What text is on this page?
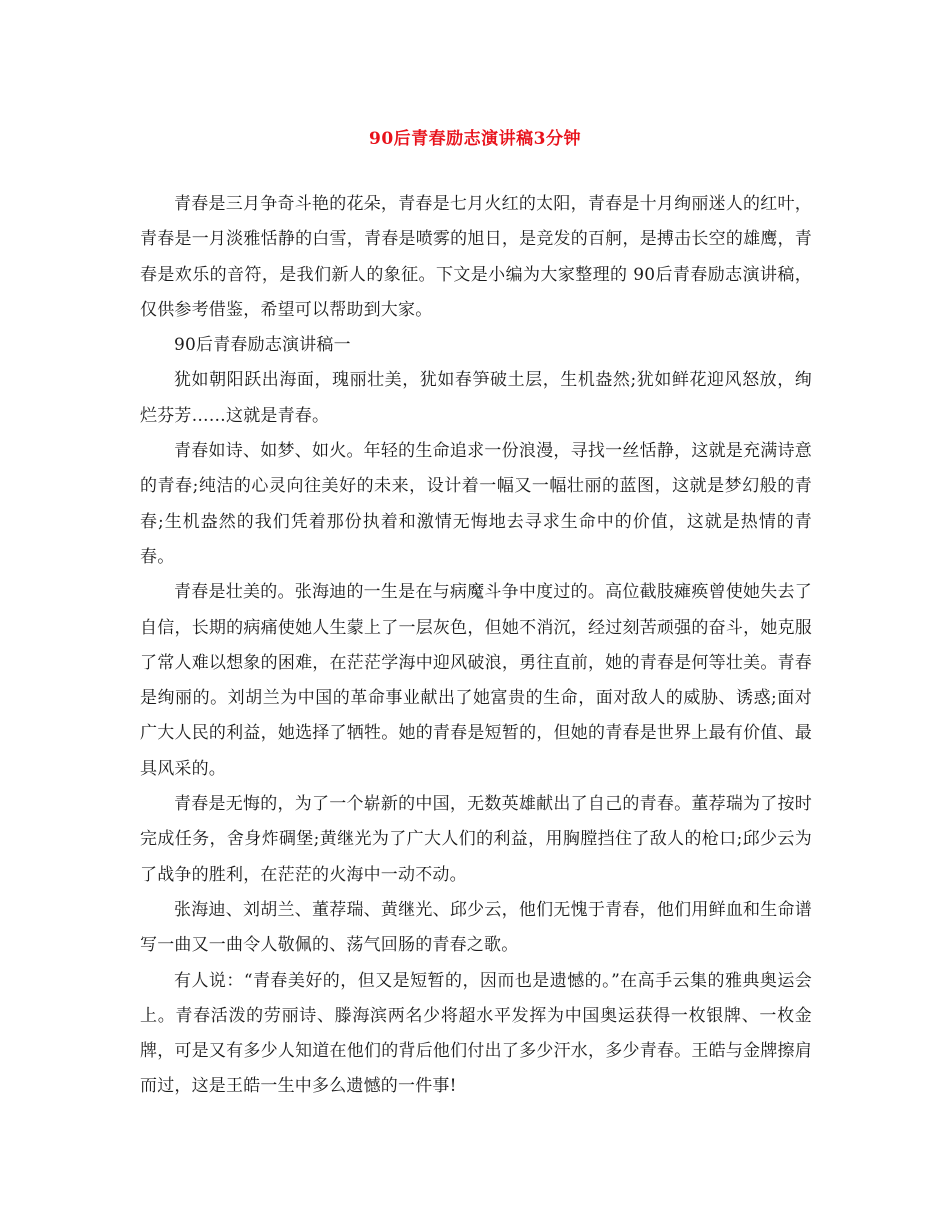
90后青春励志演讲稿3分钟

青春是三月争奇斗艳的花朵，青春是七月火红的太阳，青春是十月绚丽迷人的红叶，青春是一月淡雅恬静的白雪，青春是喷雾的旭日，是竞发的百舸，是搏击长空的雄鹰，青春是欢乐的音符，是我们新人的象征。下文是小编为大家整理的 90后青春励志演讲稿，仅供参考借鉴，希望可以帮助到大家。

90后青春励志演讲稿一

犹如朝阳跃出海面，瑰丽壮美，犹如春笋破土层，生机盎然;犹如鲜花迎风怒放，绚烂芬芳……这就是青春。

青春如诗、如梦、如火。年轻的生命追求一份浪漫，寻找一丝恬静，这就是充满诗意的青春;纯洁的心灵向往美好的未来，设计着一幅又一幅壮丽的蓝图，这就是梦幻般的青春;生机盎然的我们凭着那份执着和激情无悔地去寻求生命中的价值，这就是热情的青春。

青春是壮美的。张海迪的一生是在与病魔斗争中度过的。高位截肢瘫痪曾使她失去了自信，长期的病痛使她人生蒙上了一层灰色，但她不消沉，经过刻苦顽强的奋斗，她克服了常人难以想象的困难，在茫茫学海中迎风破浪，勇往直前，她的青春是何等壮美。青春是绚丽的。刘胡兰为中国的革命事业献出了她富贵的生命，面对敌人的威胁、诱惑;面对广大人民的利益，她选择了牺牲。她的青春是短暂的，但她的青春是世界上最有价值、最具风采的。

青春是无悔的，为了一个崭新的中国，无数英雄献出了自己的青春。董荐瑞为了按时完成任务，舍身炸碉堡;黄继光为了广大人们的利益，用胸膛挡住了敌人的枪口;邱少云为了战争的胜利，在茫茫的火海中一动不动。

张海迪、刘胡兰、董荐瑞、黄继光、邱少云，他们无愧于青春，他们用鲜血和生命谱写一曲又一曲令人敬佩的、荡气回肠的青春之歌。

有人说：“青春美好的，但又是短暂的，因而也是遗憾的。”在高手云集的雅典奥运会上。青春活泼的劳丽诗、滕海滨两名少将超水平发挥为中国奥运获得一枚银牌、一枚金牌，可是又有多少人知道在他们的背后他们付出了多少汗水，多少青春。王皓与金牌擦肩而过，这是王皓一生中多么遗憾的一件事!
